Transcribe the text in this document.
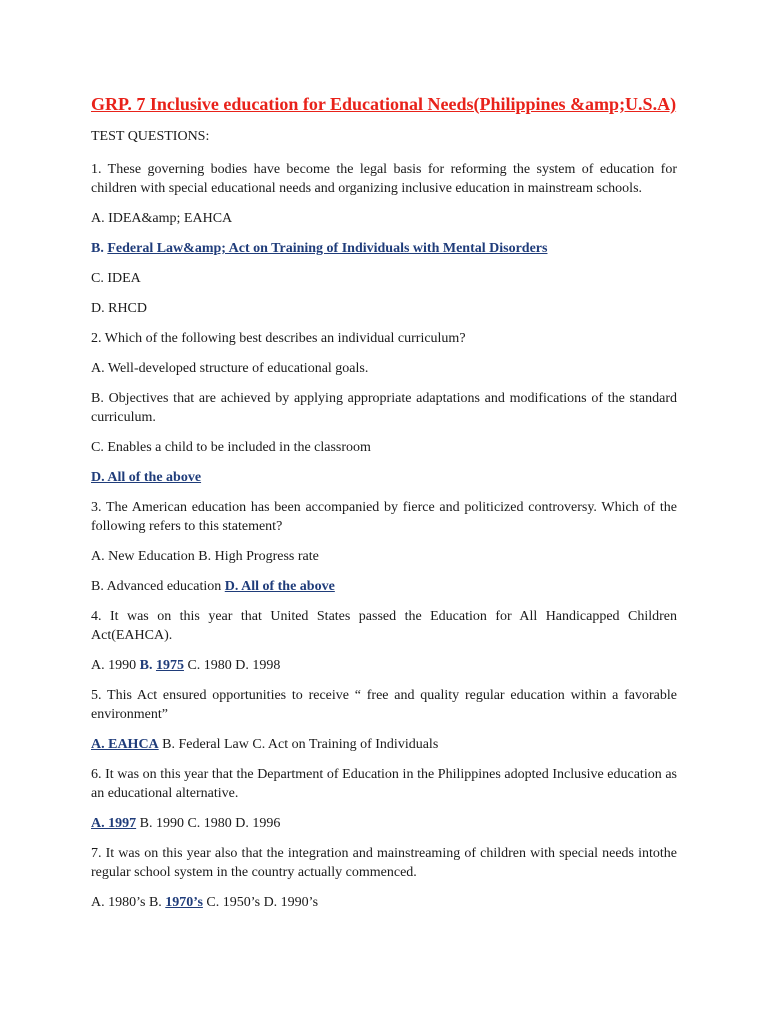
GRP. 7 Inclusive education for Educational Needs(Philippines &amp;U.S.A)
TEST QUESTIONS:

1. These governing bodies have become the legal basis for reforming the system of education for children with special educational needs and organizing inclusive education in mainstream schools.

A. IDEA&amp; EAHCA

B. Federal Law&amp; Act on Training of Individuals with Mental Disorders

C. IDEA

D. RHCD

2. Which of the following best describes an individual curriculum?

A. Well-developed structure of educational goals.

B. Objectives that are achieved by applying appropriate adaptations and modifications of the standard curriculum.

C. Enables a child to be included in the classroom

D. All of the above

3. The American education has been accompanied by fierce and politicized controversy. Which of the following refers to this statement?

A. New Education B. High Progress rate

B. Advanced education D. All of the above

4. It was on this year that United States passed the Education for All Handicapped Children Act(EAHCA).

A. 1990 B. 1975 C. 1980 D. 1998

5. This Act ensured opportunities to receive “ free and quality regular education within a favorable environment”

A. EAHCA B. Federal Law C. Act on Training of Individuals

6. It was on this year that the Department of Education in the Philippines adopted Inclusive education as an educational alternative.

A. 1997 B. 1990 C. 1980 D. 1996

7. It was on this year also that the integration and mainstreaming of children with special needs intothe regular school system in the country actually commenced.

A. 1980’s B. 1970’s C. 1950’s D. 1990’s
